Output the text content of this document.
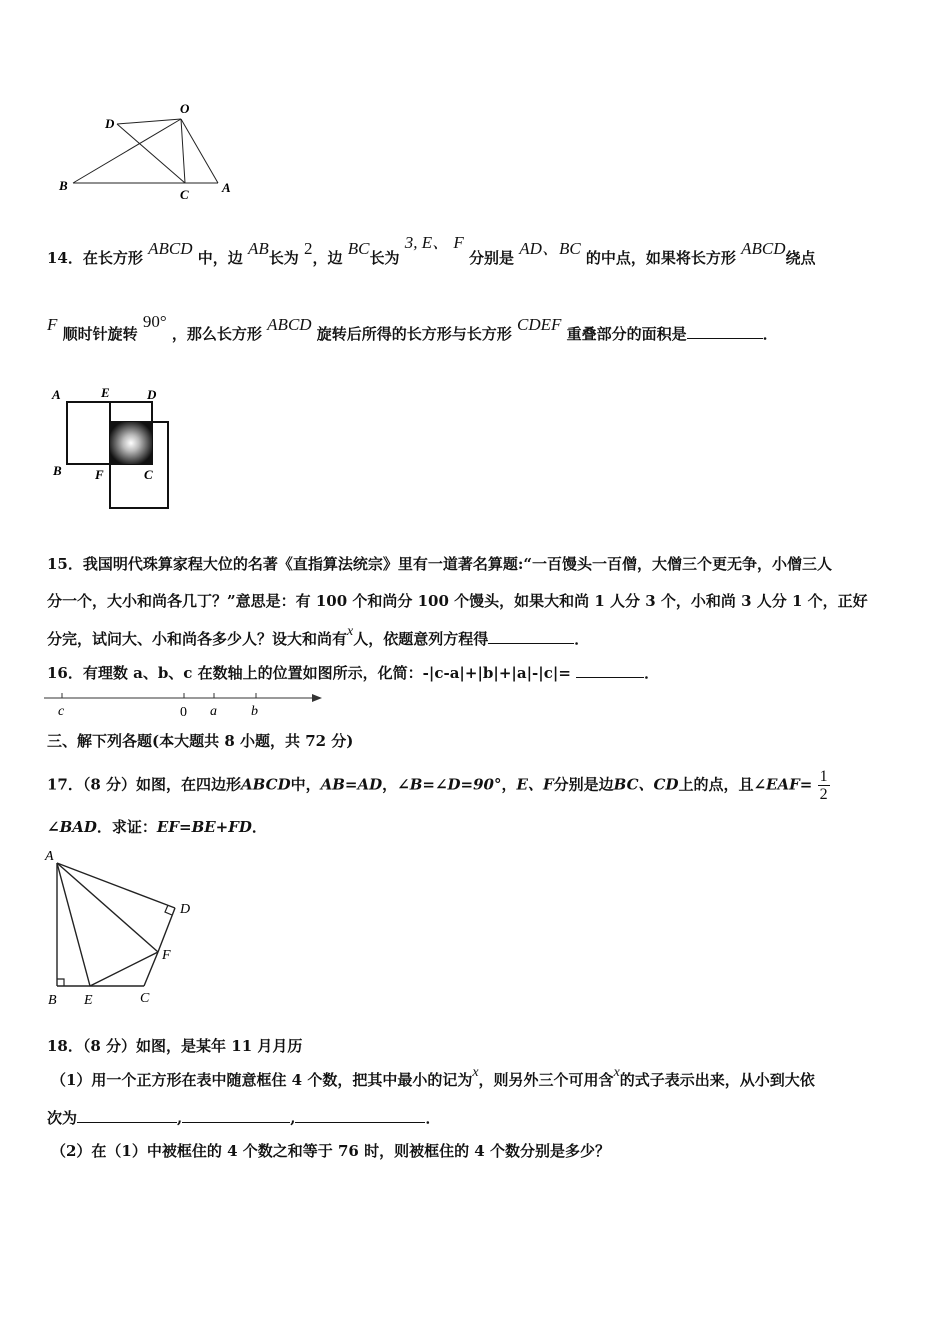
D
O
B
C	A
14．在长方形 ABCD 中，边 AB长为 2，边 BC长为 3, E、 F 分别是 AD、BC 的中点，如果将长方形 ABCD绕点
F 顺时针旋转 90° ，那么长方形 ABCD 旋转后所得的长方形与长方形 CDEF 重叠部分的面积是	．
A	E	D
B	F	C
15．我国明代珠算家程大位的名著《直指算法统宗》里有一道著名算题:“一百馒头一百僧，大僧三个更无争，小僧三人
分一个，大小和尚各几丁？”意思是：有 100 个和尚分 100 个馒头，如果大和尚 1 人分 3 个，小和尚 3 人分 1 个，正好
分完，试问大、小和尚各多少人？设大和尚有x人，依题意列方程得	．
16．有理数 a、b、c 在数轴上的位置如图所示，化简：-|c-a|+|b|+|a|-|c|=	．
c	0 a b
三、解下列各题(本大题共 8 小题，共 72 分)
17．（8 分）如图，在四边形ABCD中，AB=AD，∠B=∠D=90°，E、F分别是边BC、CD上的点，且∠EAF= $\frac{1}{2}$
∠BAD．求证：EF=BE+FD．
A
D
F
B E	C
18．（8 分）如图，是某年 11 月月历
（1）用一个正方形在表中随意框住 4 个数，把其中最小的记为x，则另外三个可用含x的式子表示出来，从小到大依
次为	,	,	．
（2）在（1）中被框住的 4 个数之和等于 76 时，则被框住的 4 个数分别是多少？
